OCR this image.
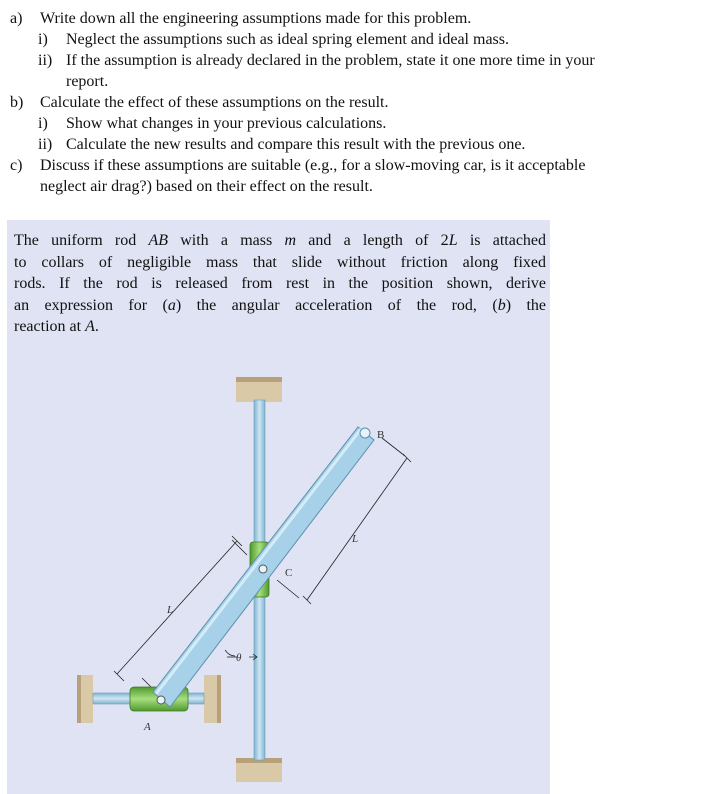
a) Write down all the engineering assumptions made for this problem.
i) Neglect the assumptions such as ideal spring element and ideal mass.
ii) If the assumption is already declared in the problem, state it one more time in your
report.
b) Calculate the effect of these assumptions on the result.
i) Show what changes in your previous calculations.
ii) Calculate the new results and compare this result with the previous one.
c) Discuss if these assumptions are suitable (e.g., for a slow-moving car, is it acceptable
neglect air drag?) based on their effect on the result.
The uniform rod AB with a mass m and a length of 2L is attached
to collars of negligible mass that slide without friction along fixed
rods. If the rod is released from rest in the position shown, derive
an expression for (a) the angular acceleration of the rod, (b) the
reaction at A.
θ
B
C
A
L
L
